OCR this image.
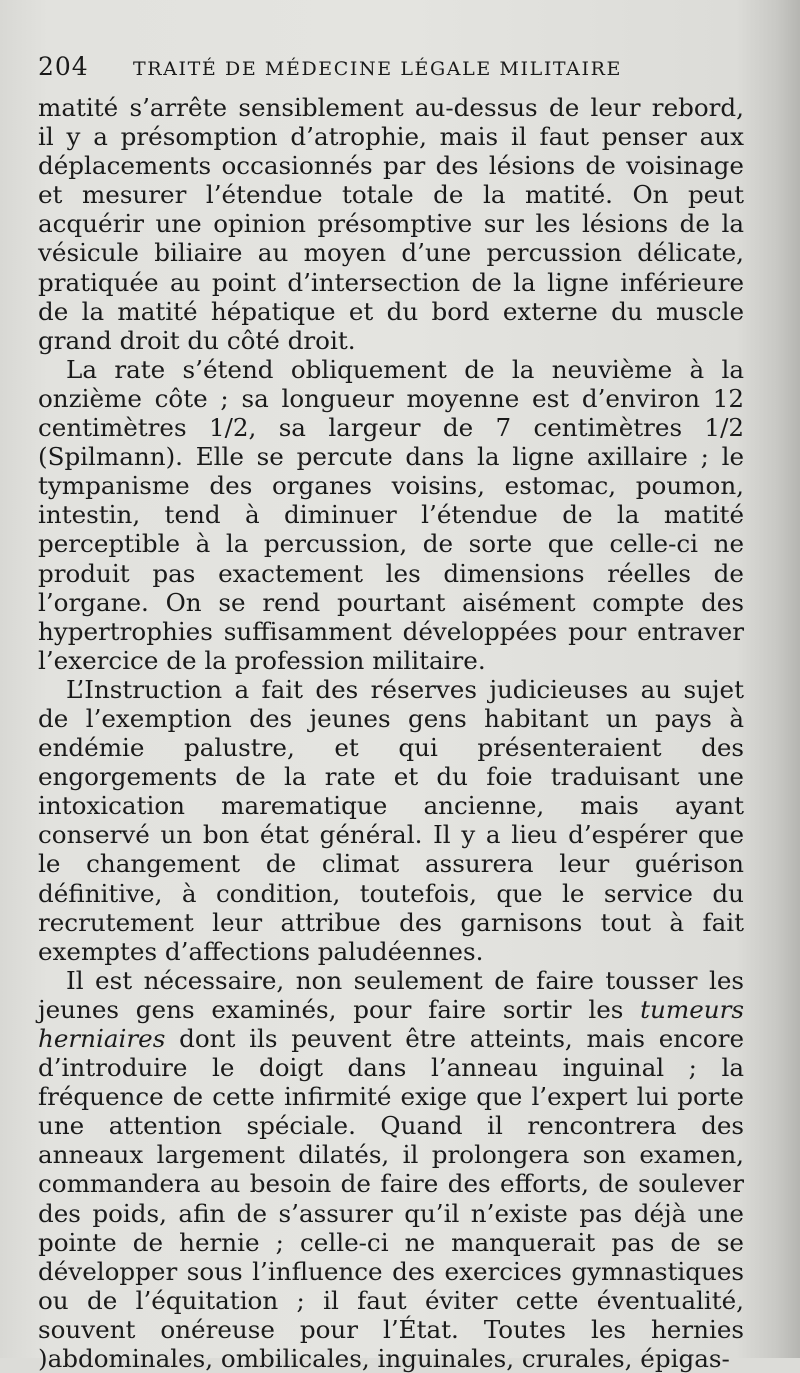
204	TRAITÉ DE MÉDECINE LÉGALE MILITAIRE

matité s’arrête sensiblement au-dessus de leur rebord, il y a présomption d’atrophie, mais il faut penser aux déplacements occasionnés par des lésions de voisinage et mesurer l’étendue totale de la matité. On peut acquérir une opinion présomptive sur les lésions de la vésicule biliaire au moyen d’une percussion délicate, pratiquée au point d’intersection de la ligne inférieure de la matité hépatique et du bord externe du muscle grand droit du côté droit.

La rate s’étend obliquement de la neuvième à la onzième côte ; sa longueur moyenne est d’environ 12 centimètres 1/2, sa largeur de 7 centimètres 1/2 (Spilmann). Elle se percute dans la ligne axillaire ; le tympanisme des organes voisins, estomac, poumon, intestin, tend à diminuer l’étendue de la matité perceptible à la percussion, de sorte que celle-ci ne produit pas exactement les dimensions réelles de l’organe. On se rend pourtant aisément compte des hypertrophies suffisamment développées pour entraver l’exercice de la profession militaire.

L’Instruction a fait des réserves judicieuses au sujet de l’exemption des jeunes gens habitant un pays à endémie palustre, et qui présenteraient des engorgements de la rate et du foie traduisant une intoxication marematique ancienne, mais ayant conservé un bon état général. Il y a lieu d’espérer que le changement de climat assurera leur guérison définitive, à condition, toutefois, que le service du recrutement leur attribue des garnisons tout à fait exemptes d’affections paludéennes.

Il est nécessaire, non seulement de faire tousser les jeunes gens examinés, pour faire sortir les tumeurs herniaires dont ils peuvent être atteints, mais encore d’introduire le doigt dans l’anneau inguinal ; la fréquence de cette infirmité exige que l’expert lui porte une attention spéciale. Quand il rencontrera des anneaux largement dilatés, il prolongera son examen, commandera au besoin de faire des efforts, de soulever des poids, afin de s’assurer qu’il n’existe pas déjà une pointe de hernie ; celle-ci ne manquerait pas de se développer sous l’influence des exercices gymnastiques ou de l’équitation ; il faut éviter cette éventualité, souvent onéreuse pour l’État. Toutes les hernies )abdominales, ombilicales, inguinales, crurales, épigas-
